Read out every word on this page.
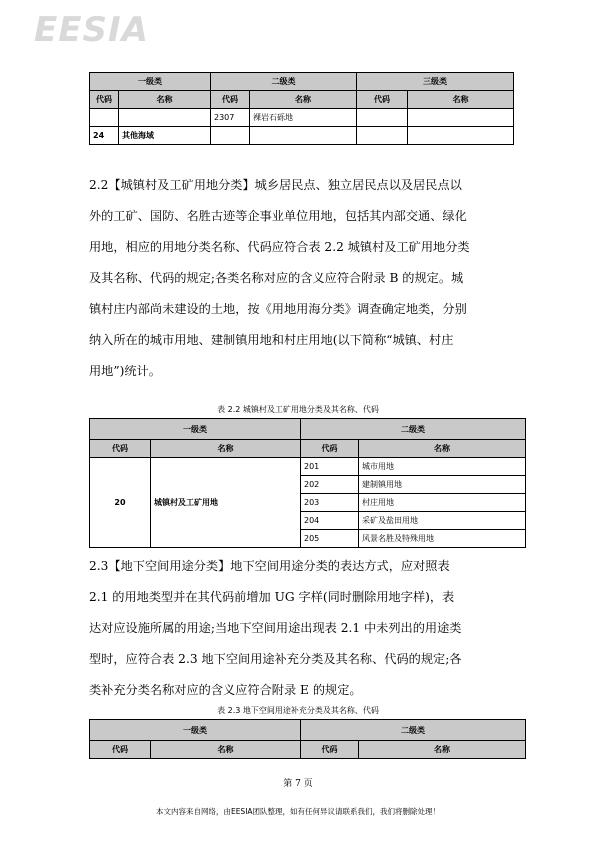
EESIA
一级类		二级类		三级类	
代码	名称	代码	名称	代码	名称
		2307	裸岩石砾地		
24	其他海域				
2.2【城镇村及工矿用地分类】城乡居民点、独立居民点以及居民点以
外的工矿、国防、名胜古迹等企事业单位用地，包括其内部交通、绿化
用地，相应的用地分类名称、代码应符合表 2.2 城镇村及工矿用地分类
及其名称、代码的规定;各类名称对应的含义应符合附录 B 的规定。城
镇村庄内部尚未建设的土地，按《用地用海分类》调查确定地类，分别
纳入所在的城市用地、建制镇用地和村庄用地(以下简称“城镇、村庄
用地”)统计。
表 2.2 城镇村及工矿用地分类及其名称、代码
一级类		二级类	
代码	名称	代码	名称
20	城镇村及工矿用地	201	城市用地
		202	建制镇用地
		203	村庄用地
		204	采矿及盐田用地
		205	风景名胜及特殊用地
2.3【地下空间用途分类】地下空间用途分类的表达方式，应对照表
2.1 的用地类型并在其代码前增加 UG 字样(同时删除用地字样)，表
达对应设施所属的用途;当地下空间用途出现表 2.1 中未列出的用途类
型时，应符合表 2.3 地下空间用途补充分类及其名称、代码的规定;各
类补充分类名称对应的含义应符合附录 E 的规定。
表 2.3 地下空间用途补充分类及其名称、代码
一级类		二级类	
代码	名称	代码	名称
第 7 页
本文内容来自网络，由EESIA团队整理，如有任何异议请联系我们，我们将删除处理！
